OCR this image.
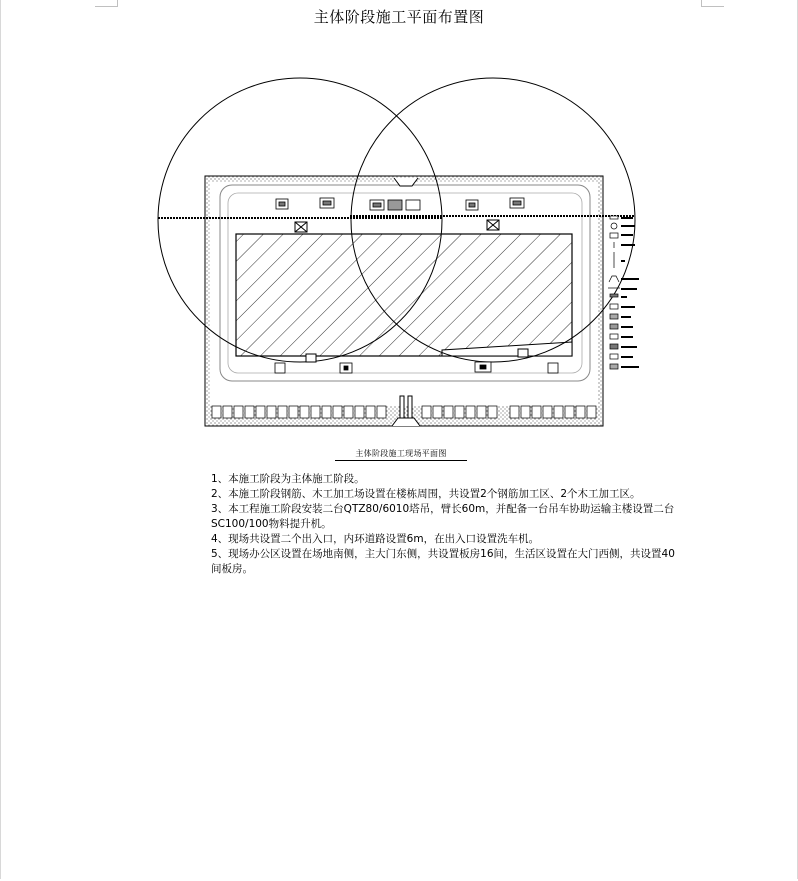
主体阶段施工平面布置图
主体阶段施工现场平面图

1、本施工阶段为主体施工阶段。

2、本施工阶段钢筋、木工加工场设置在楼栋周围，共设置2个钢筋加工区、2个木工加工区。

3、本工程施工阶段安装二台QTZ80/6010塔吊，臂长60m，并配备一台吊车协助运输主楼设置二台SC100/100物料提升机。

4、现场共设置二个出入口，内环道路设置6m，在出入口设置洗车机。

5、现场办公区设置在场地南侧，主大门东侧，共设置板房16间，生活区设置在大门西侧，共设置40间板房。
